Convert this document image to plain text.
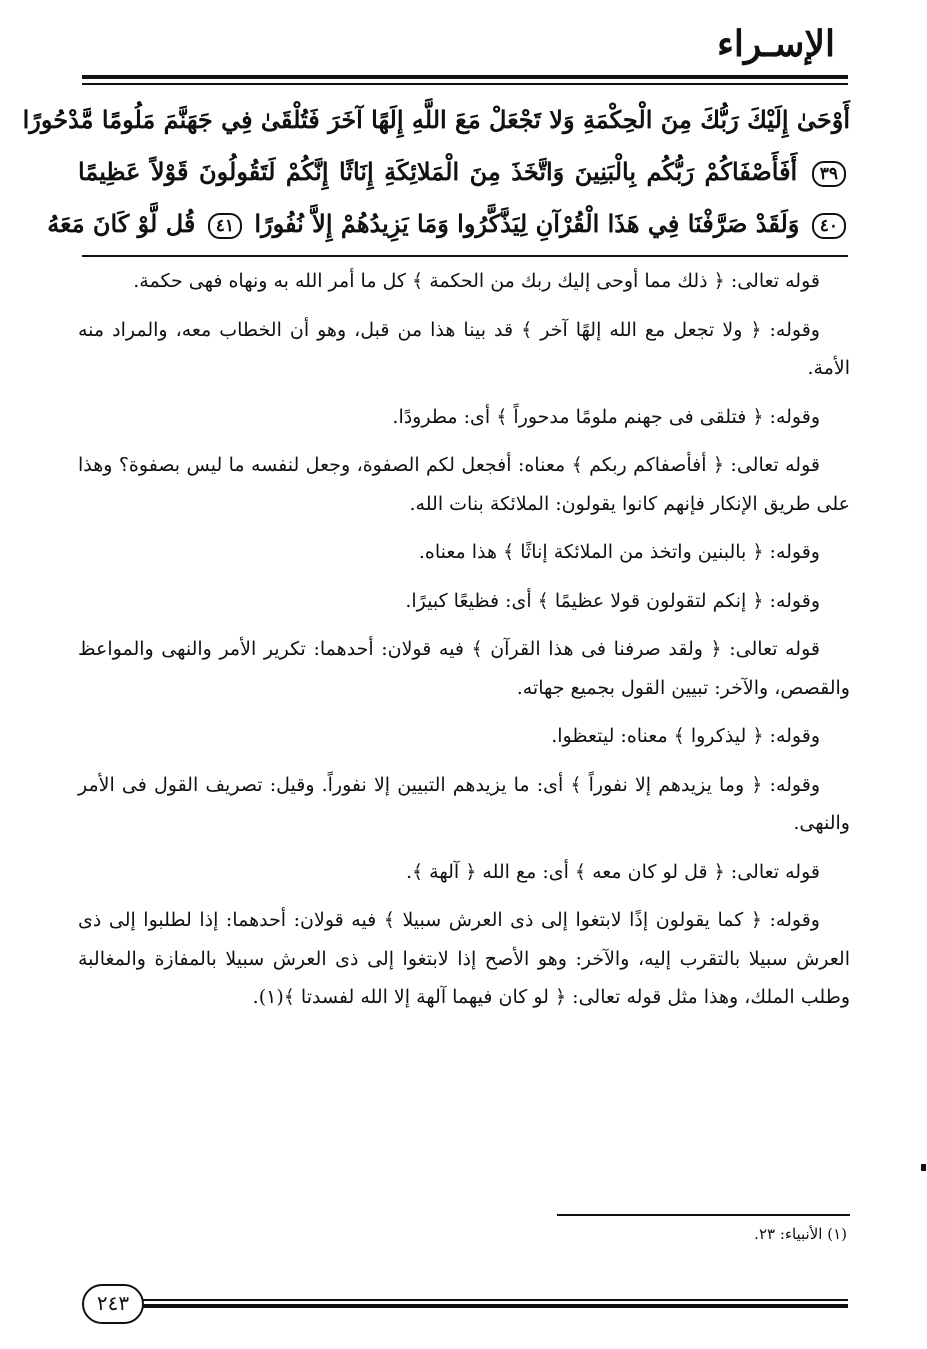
الإسـراء
أَوْحَىٰ إِلَيْكَ رَبُّكَ مِنَ الْحِكْمَةِ وَلا تَجْعَلْ مَعَ اللَّهِ إِلَهًا آخَرَ فَتُلْقَىٰ فِي جَهَنَّمَ مَلُومًا مَّدْحُورًا
٣٩ أَفَأَصْفَاكُمْ رَبُّكُم بِالْبَنِينَ وَاتَّخَذَ مِنَ الْمَلائِكَةِ إِنَاثًا إِنَّكُمْ لَتَقُولُونَ قَوْلاً عَظِيمًا
٤٠ وَلَقَدْ صَرَّفْنَا فِي هَذَا الْقُرْآنِ لِيَذَّكَّرُوا وَمَا يَزِيدُهُمْ إِلاَّ نُفُورًا ٤١ قُل لَّوْ كَانَ مَعَهُ

قوله تعالى: ﴿ ذلك مما أوحى إليك ربك من الحكمة ﴾ كل ما أمر الله به ونهاه فهى حكمة.

وقوله: ﴿ ولا تجعل مع الله إلهًا آخر ﴾ قد بينا هذا من قبل، وهو أن الخطاب معه، والمراد منه الأمة.

وقوله: ﴿ فتلقى فى جهنم ملومًا مدحوراً ﴾ أى: مطرودًا.

قوله تعالى: ﴿ أفأصفاكم ربكم ﴾ معناه: أفجعل لكم الصفوة، وجعل لنفسه ما ليس بصفوة؟ وهذا على طريق الإنكار فإنهم كانوا يقولون: الملائكة بنات الله.

وقوله: ﴿ بالبنين واتخذ من الملائكة إناثًا ﴾ هذا معناه.

وقوله: ﴿ إنكم لتقولون قولا عظيمًا ﴾ أى: فظيعًا كبيرًا.

قوله تعالى: ﴿ ولقد صرفنا فى هذا القرآن ﴾ فيه قولان: أحدهما: تكرير الأمر والنهى والمواعظ والقصص، والآخر: تبيين القول بجميع جهاته.

وقوله: ﴿ ليذكروا ﴾ معناه: ليتعظوا.

وقوله: ﴿ وما يزيدهم إلا نفوراً ﴾ أى: ما يزيدهم التبيين إلا نفوراً. وقيل: تصريف القول فى الأمر والنهى.

قوله تعالى: ﴿ قل لو كان معه ﴾ أى: مع الله ﴿ آلهة ﴾.

وقوله: ﴿ كما يقولون إذًا لابتغوا إلى ذى العرش سبيلا ﴾ فيه قولان: أحدهما: إذا لطلبوا إلى ذى العرش سبيلا بالتقرب إليه، والآخر: وهو الأصح إذا لابتغوا إلى ذى العرش سبيلا بالمفازة والمغالبة وطلب الملك، وهذا مثل قوله تعالى: ﴿ لو كان فيهما آلهة إلا الله لفسدتا ﴾(١).

(١) الأنبياء: ٢٣.
٢٤٣
